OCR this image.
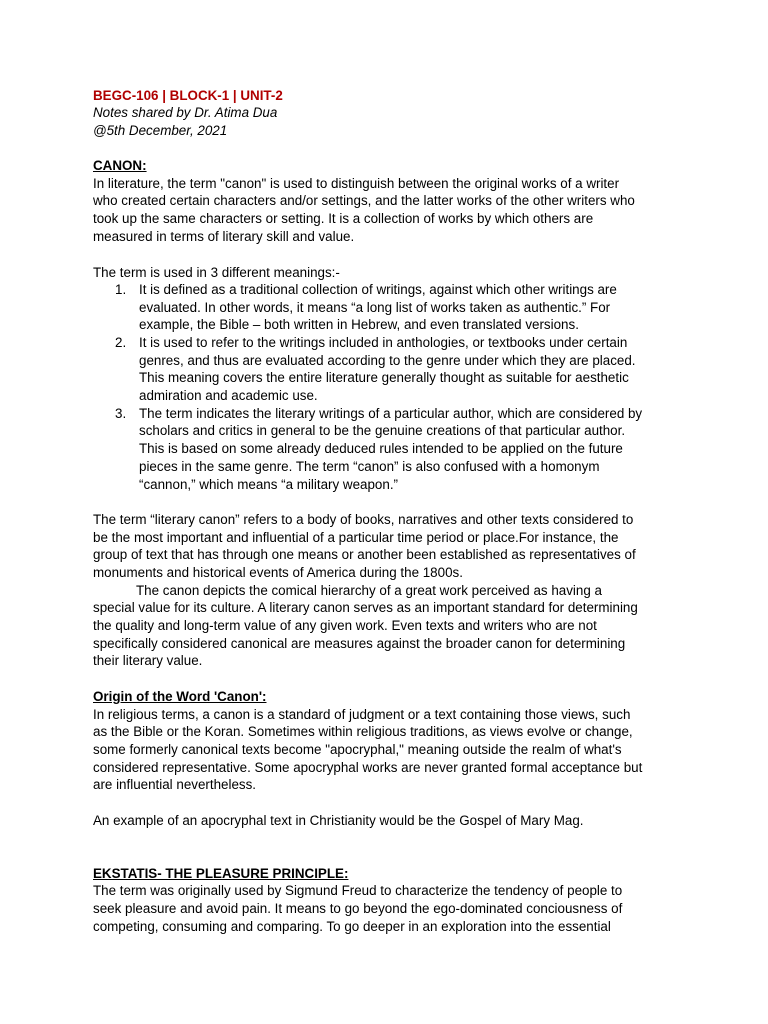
BEGC-106 | BLOCK-1 | UNIT-2
Notes shared by Dr. Atima Dua
@5th December, 2021
CANON:
In literature, the term "canon" is used to distinguish between the original works of a writer
who created certain characters and/or settings, and the latter works of the other writers who
took up the same characters or setting. It is a collection of works by which others are
measured in terms of literary skill and value.
The term is used in 3 different meanings:-
1. It is defined as a traditional collection of writings, against which other writings are
evaluated. In other words, it means “a long list of works taken as authentic.” For
example, the Bible – both written in Hebrew, and even translated versions.
2. It is used to refer to the writings included in anthologies, or textbooks under certain
genres, and thus are evaluated according to the genre under which they are placed.
This meaning covers the entire literature generally thought as suitable for aesthetic
admiration and academic use.
3. The term indicates the literary writings of a particular author, which are considered by
scholars and critics in general to be the genuine creations of that particular author.
This is based on some already deduced rules intended to be applied on the future
pieces in the same genre. The term “canon” is also confused with a homonym
“cannon,” which means “a military weapon.”
The term “literary canon” refers to a body of books, narratives and other texts considered to
be the most important and influential of a particular time period or place.For instance, the
group of text that has through one means or another been established as representatives of
monuments and historical events of America during the 1800s.
The canon depicts the comical hierarchy of a great work perceived as having a
special value for its culture. A literary canon serves as an important standard for determining
the quality and long-term value of any given work. Even texts and writers who are not
specifically considered canonical are measures against the broader canon for determining
their literary value.
Origin of the Word 'Canon':
In religious terms, a canon is a standard of judgment or a text containing those views, such
as the Bible or the Koran. Sometimes within religious traditions, as views evolve or change,
some formerly canonical texts become "apocryphal," meaning outside the realm of what's
considered representative. Some apocryphal works are never granted formal acceptance but
are influential nevertheless.
An example of an apocryphal text in Christianity would be the Gospel of Mary Mag.
EKSTATIS- THE PLEASURE PRINCIPLE:
The term was originally used by Sigmund Freud to characterize the tendency of people to
seek pleasure and avoid pain. It means to go beyond the ego-dominated conciousness of
competing, consuming and comparing. To go deeper in an exploration into the essential
